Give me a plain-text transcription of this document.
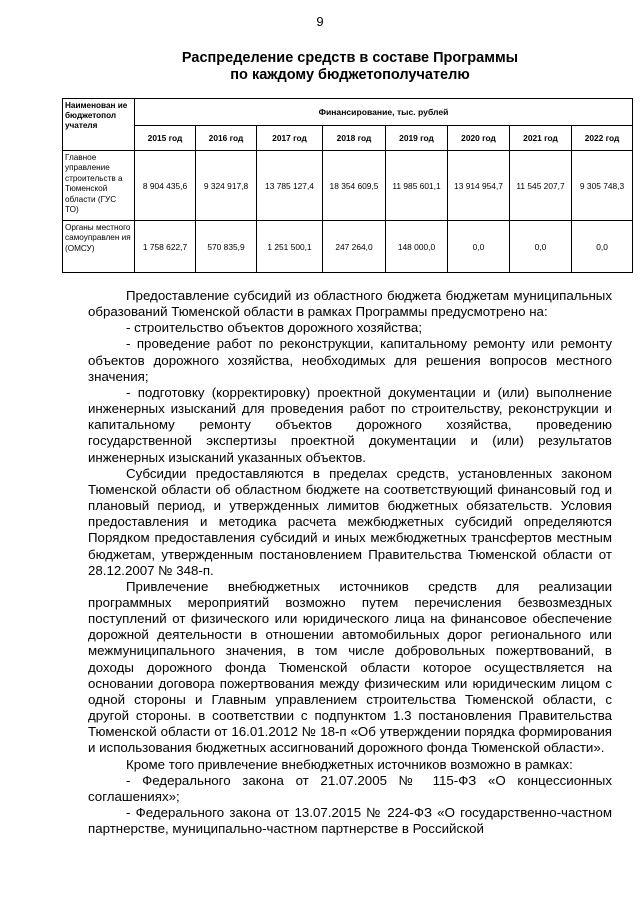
9
Распределение средств в составе Программы
по каждому бюджетополучателю
Наименован ие бюджетопол учателя	Финансирование, тыс. рублей							
	2015 год	2016 год	2017 год	2018 год	2019 год	2020 год	2021 год	2022 год
Главное управление строительств а Тюменской области (ГУС ТО)	8 904 435,6	9 324 917,8	13 785 127,4	18 354 609,5	11 985 601,1	13 914 954,7	11 545 207,7	9 305 748,3
Органы местного самоуправлен ия (ОМСУ)	1 758 622,7	570 835,9	1 251 500,1	247 264,0	148 000,0	0,0	0,0	0,0

Предоставление субсидий из областного бюджета бюджетам муниципальных образований Тюменской области в рамках Программы предусмотрено на:

- строительство объектов дорожного хозяйства;

- проведение работ по реконструкции, капитальному ремонту или ремонту объектов дорожного хозяйства, необходимых для решения вопросов местного значения;

- подготовку (корректировку) проектной документации и (или) выполнение инженерных изысканий для проведения работ по строительству, реконструкции и капитальному ремонту объектов дорожного хозяйства, проведению государственной экспертизы проектной документации и (или) результатов инженерных изысканий указанных объектов.

Субсидии предоставляются в пределах средств, установленных законом Тюменской области об областном бюджете на соответствующий финансовый год и плановый период, и утвержденных лимитов бюджетных обязательств. Условия предоставления и методика расчета межбюджетных субсидий определяются Порядком предоставления субсидий и иных межбюджетных трансфертов местным бюджетам, утвержденным постановлением Правительства Тюменской области от 28.12.2007 № 348-п.

Привлечение внебюджетных источников средств для реализации программных мероприятий возможно путем перечисления безвозмездных поступлений от физического или юридического лица на финансовое обеспечение дорожной деятельности в отношении автомобильных дорог регионального или межмуниципального значения, в том числе добровольных пожертвований, в доходы дорожного фонда Тюменской области которое осуществляется на основании договора пожертвования между физическим или юридическим лицом с одной стороны и Главным управлением строительства Тюменской области, с другой стороны. в соответствии с подпунктом 1.3 постановления Правительства Тюменской области от 16.01.2012 № 18-п «Об утверждении порядка формирования и использования бюджетных ассигнований дорожного фонда Тюменской области».

Кроме того привлечение внебюджетных источников возможно в рамках:

- Федерального закона от 21.07.2005 № 115-ФЗ «О концессионных соглашениях»;

- Федерального закона от 13.07.2015 № 224-ФЗ «О государственно-частном партнерстве, муниципально-частном партнерстве в Российской
